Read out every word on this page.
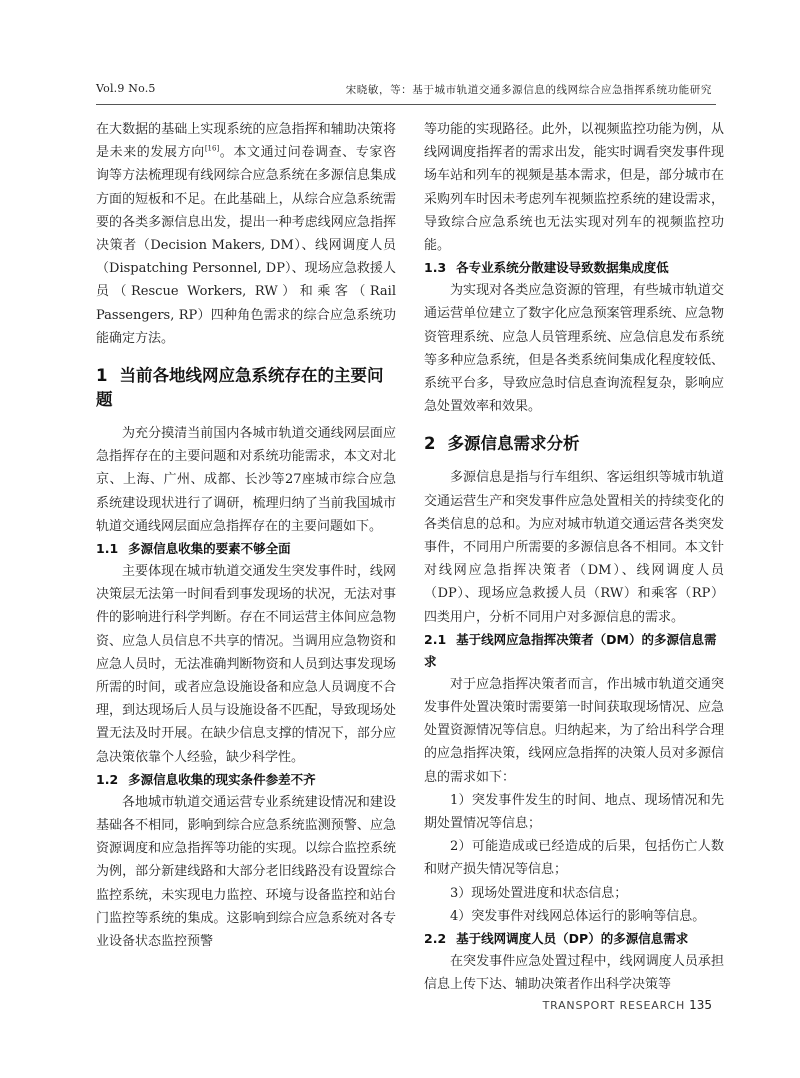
Vol.9 No.5	宋晓敏，等：基于城市轨道交通多源信息的线网综合应急指挥系统功能研究

在大数据的基础上实现系统的应急指挥和辅助决策将是未来的发展方向[16]。本文通过问卷调查、专家咨询等方法梳理现有线网综合应急系统在多源信息集成方面的短板和不足。在此基础上，从综合应急系统需要的各类多源信息出发，提出一种考虑线网应急指挥决策者（Decision Makers, DM）、线网调度人员（Dispatching Personnel, DP）、现场应急救援人员（Rescue Workers, RW）和乘客（Rail Passengers, RP）四种角色需求的综合应急系统功能确定方法。

1 当前各地线网应急系统存在的主要问题

为充分摸清当前国内各城市轨道交通线网层面应急指挥存在的主要问题和对系统功能需求，本文对北京、上海、广州、成都、长沙等27座城市综合应急系统建设现状进行了调研，梳理归纳了当前我国城市轨道交通线网层面应急指挥存在的主要问题如下。

1.1 多源信息收集的要素不够全面

主要体现在城市轨道交通发生突发事件时，线网决策层无法第一时间看到事发现场的状况，无法对事件的影响进行科学判断。存在不同运营主体间应急物资、应急人员信息不共享的情况。当调用应急物资和应急人员时，无法准确判断物资和人员到达事发现场所需的时间，或者应急设施设备和应急人员调度不合理，到达现场后人员与设施设备不匹配，导致现场处置无法及时开展。在缺少信息支撑的情况下，部分应急决策依靠个人经验，缺少科学性。

1.2 多源信息收集的现实条件参差不齐

各地城市轨道交通运营专业系统建设情况和建设基础各不相同，影响到综合应急系统监测预警、应急资源调度和应急指挥等功能的实现。以综合监控系统为例，部分新建线路和大部分老旧线路没有设置综合监控系统，未实现电力监控、环境与设备监控和站台门监控等系统的集成。这影响到综合应急系统对各专业设备状态监控预警

等功能的实现路径。此外，以视频监控功能为例，从线网调度指挥者的需求出发，能实时调看突发事件现场车站和列车的视频是基本需求，但是，部分城市在采购列车时因未考虑列车视频监控系统的建设需求，导致综合应急系统也无法实现对列车的视频监控功能。

1.3 各专业系统分散建设导致数据集成度低

为实现对各类应急资源的管理，有些城市轨道交通运营单位建立了数字化应急预案管理系统、应急物资管理系统、应急人员管理系统、应急信息发布系统等多种应急系统，但是各类系统间集成化程度较低、系统平台多，导致应急时信息查询流程复杂，影响应急处置效率和效果。

2 多源信息需求分析

多源信息是指与行车组织、客运组织等城市轨道交通运营生产和突发事件应急处置相关的持续变化的各类信息的总和。为应对城市轨道交通运营各类突发事件，不同用户所需要的多源信息各不相同。本文针对线网应急指挥决策者（DM）、线网调度人员（DP）、现场应急救援人员（RW）和乘客（RP）四类用户，分析不同用户对多源信息的需求。

2.1 基于线网应急指挥决策者（DM）的多源信息需求

对于应急指挥决策者而言，作出城市轨道交通突发事件处置决策时需要第一时间获取现场情况、应急处置资源情况等信息。归纳起来，为了给出科学合理的应急指挥决策，线网应急指挥的决策人员对多源信息的需求如下：

1）突发事件发生的时间、地点、现场情况和先期处置情况等信息；

2）可能造成或已经造成的后果，包括伤亡人数和财产损失情况等信息；

3）现场处置进度和状态信息；

4）突发事件对线网总体运行的影响等信息。

2.2 基于线网调度人员（DP）的多源信息需求

在突发事件应急处置过程中，线网调度人员承担信息上传下达、辅助决策者作出科学决策等

TRANSPORT RESEARCH 135
